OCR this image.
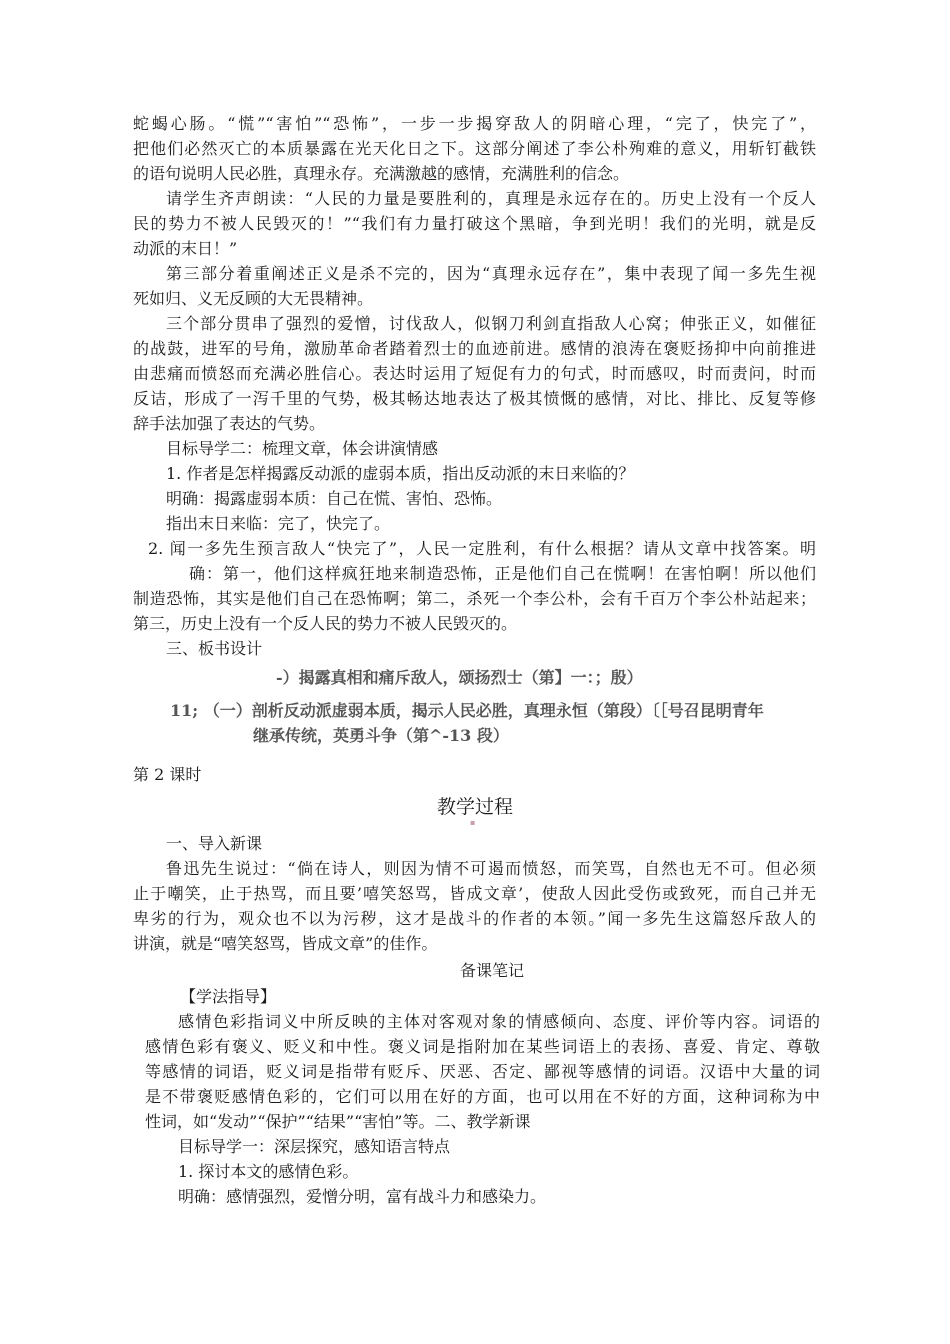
蛇蝎心肠。“慌”“害怕”“恐怖”，一步一步揭穿敌人的阴暗心理，“完了，快完了”，
把他们必然灭亡的本质暴露在光天化日之下。这部分阐述了李公朴殉难的意义，用斩钉截铁
的语句说明人民必胜，真理永存。充满激越的感情，充满胜利的信念。
请学生齐声朗读：“人民的力量是要胜利的，真理是永远存在的。历史上没有一个反人
民的势力不被人民毁灭的！”“我们有力量打破这个黑暗，争到光明！我们的光明，就是反
动派的末日！”
第三部分着重阐述正义是杀不完的，因为“真理永远存在”，集中表现了闻一多先生视
死如归、义无反顾的大无畏精神。
三个部分贯串了强烈的爱憎，讨伐敌人，似钢刀利剑直指敌人心窝；伸张正义，如催征
的战鼓，进军的号角，激励革命者踏着烈士的血迹前进。感情的浪涛在褒贬扬抑中向前推进
由悲痛而愤怒而充满必胜信心。表达时运用了短促有力的句式，时而感叹，时而责问，时而
反诘，形成了一泻千里的气势，极其畅达地表达了极其愤慨的感情，对比、排比、反复等修
辞手法加强了表达的气势。
目标导学二：梳理文章，体会讲演情感
1. 作者是怎样揭露反动派的虚弱本质，指出反动派的末日来临的？
明确：揭露虚弱本质：自己在慌、害怕、恐怖。
指出末日来临：完了，快完了。
2. 闻一多先生预言敌人“快完了”，人民一定胜利，有什么根据？请从文章中找答案。明
确：第一，他们这样疯狂地来制造恐怖，正是他们自己在慌啊！在害怕啊！所以他们
制造恐怖，其实是他们自己在恐怖啊；第二，杀死一个李公朴，会有千百万个李公朴站起来；
第三，历史上没有一个反人民的势力不被人民毁灭的。
三、板书设计
-）揭露真相和痛斥敌人，颂扬烈士（第】一：；殷）
11; （一）剖析反动派虚弱本质，揭示人民必胜，真理永恒（第段）〔［号召昆明青年
继承传统，英勇斗争（第^-13 段）
第 2 课时
教学过程
▪
一、导入新课
鲁迅先生说过：“倘在诗人，则因为情不可遏而愤怒，而笑骂，自然也无不可。但必须
止于嘲笑，止于热骂，而且要’嘻笑怒骂，皆成文章’，使敌人因此受伤或致死，而自己并无
卑劣的行为，观众也不以为污秽，这才是战斗的作者的本领。”闻一多先生这篇怒斥敌人的
讲演，就是“嘻笑怒骂，皆成文章”的佳作。
备课笔记
【学法指导】
感情色彩指词义中所反映的主体对客观对象的情感倾向、态度、评价等内容。词语的
感情色彩有褒义、贬义和中性。褒义词是指附加在某些词语上的表扬、喜爱、肯定、尊敬
等感情的词语，贬义词是指带有贬斥、厌恶、否定、鄙视等感情的词语。汉语中大量的词
是不带褒贬感情色彩的，它们可以用在好的方面，也可以用在不好的方面，这种词称为中
性词，如“发动”“保护”“结果”“害怕”等。二、教学新课
目标导学一：深层探究，感知语言特点
1. 探讨本文的感情色彩。
明确：感情强烈，爱憎分明，富有战斗力和感染力。
